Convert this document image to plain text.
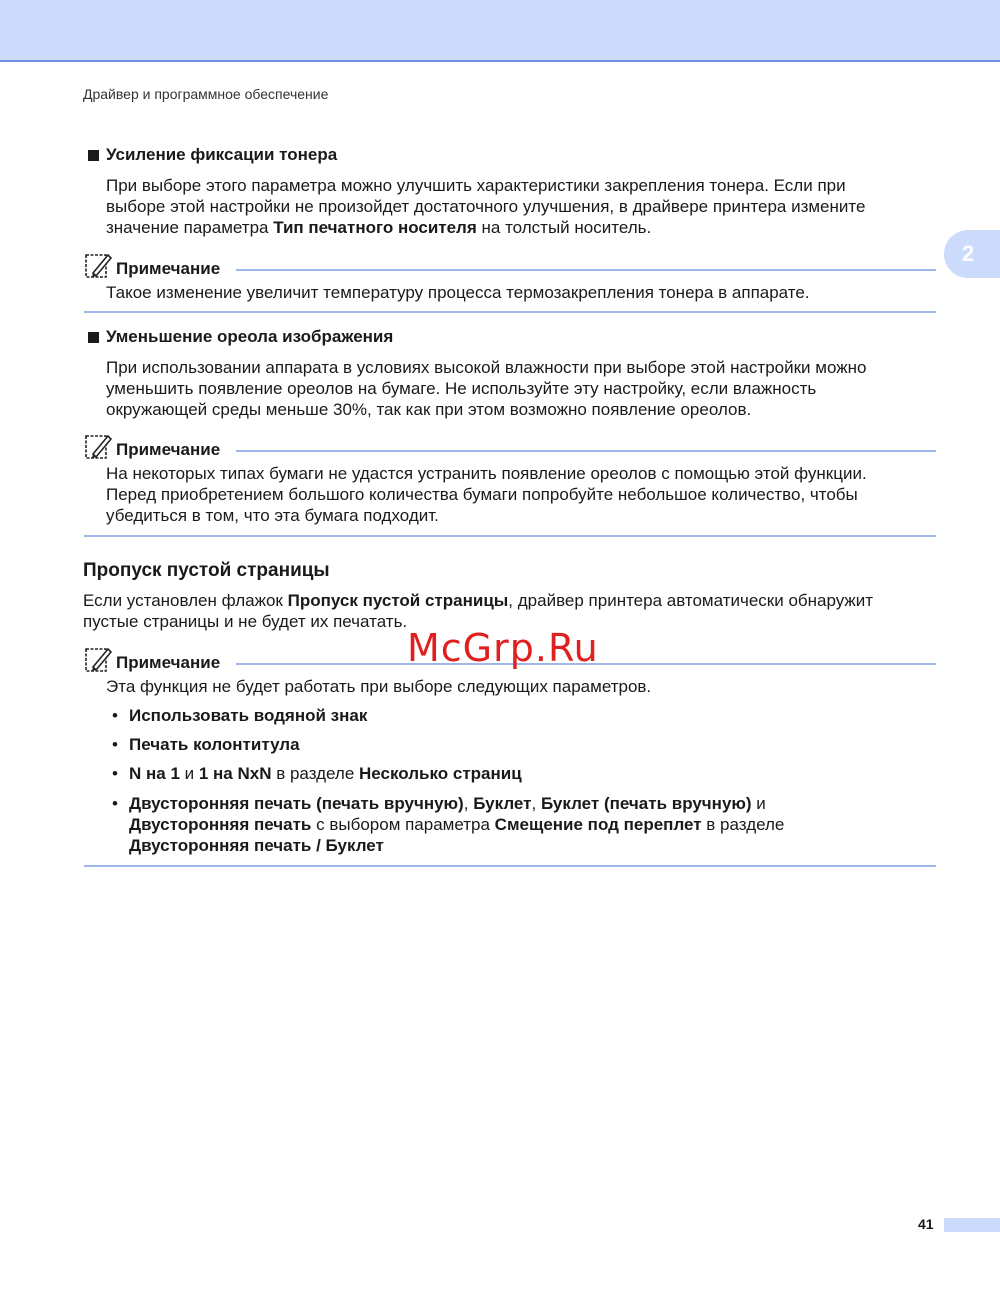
Драйвер и программное обеспечение
2
Усиление фиксации тонера
При выборе этого параметра можно улучшить характеристики закрепления тонера. Если при
выборе этой настройки не произойдет достаточного улучшения, в драйвере принтера измените
значение параметра Тип печатного носителя на толстый носитель.
Примечание
Такое изменение увеличит температуру процесса термозакрепления тонера в аппарате.
Уменьшение ореола изображения
При использовании аппарата в условиях высокой влажности при выборе этой настройки можно
уменьшить появление ореолов на бумаге. Не используйте эту настройку, если влажность
окружающей среды меньше 30%, так как при этом возможно появление ореолов.
Примечание
На некоторых типах бумаги не удастся устранить появление ореолов с помощью этой функции.
Перед приобретением большого количества бумаги попробуйте небольшое количество, чтобы
убедиться в том, что эта бумага подходит.
Пропуск пустой страницы
Если установлен флажок Пропуск пустой страницы, драйвер принтера автоматически обнаружит
пустые страницы и не будет их печатать.
Примечание
Эта функция не будет работать при выборе следующих параметров.
• Использовать водяной знак
• Печать колонтитула
• N на 1 и 1 на NxN в разделе Несколько страниц
• Двусторонняя печать (печать вручную), Буклет, Буклет (печать вручную) и
Двусторонняя печать с выбором параметра Смещение под переплет в разделе
Двусторонняя печать / Буклет
McGrp.Ru
41
